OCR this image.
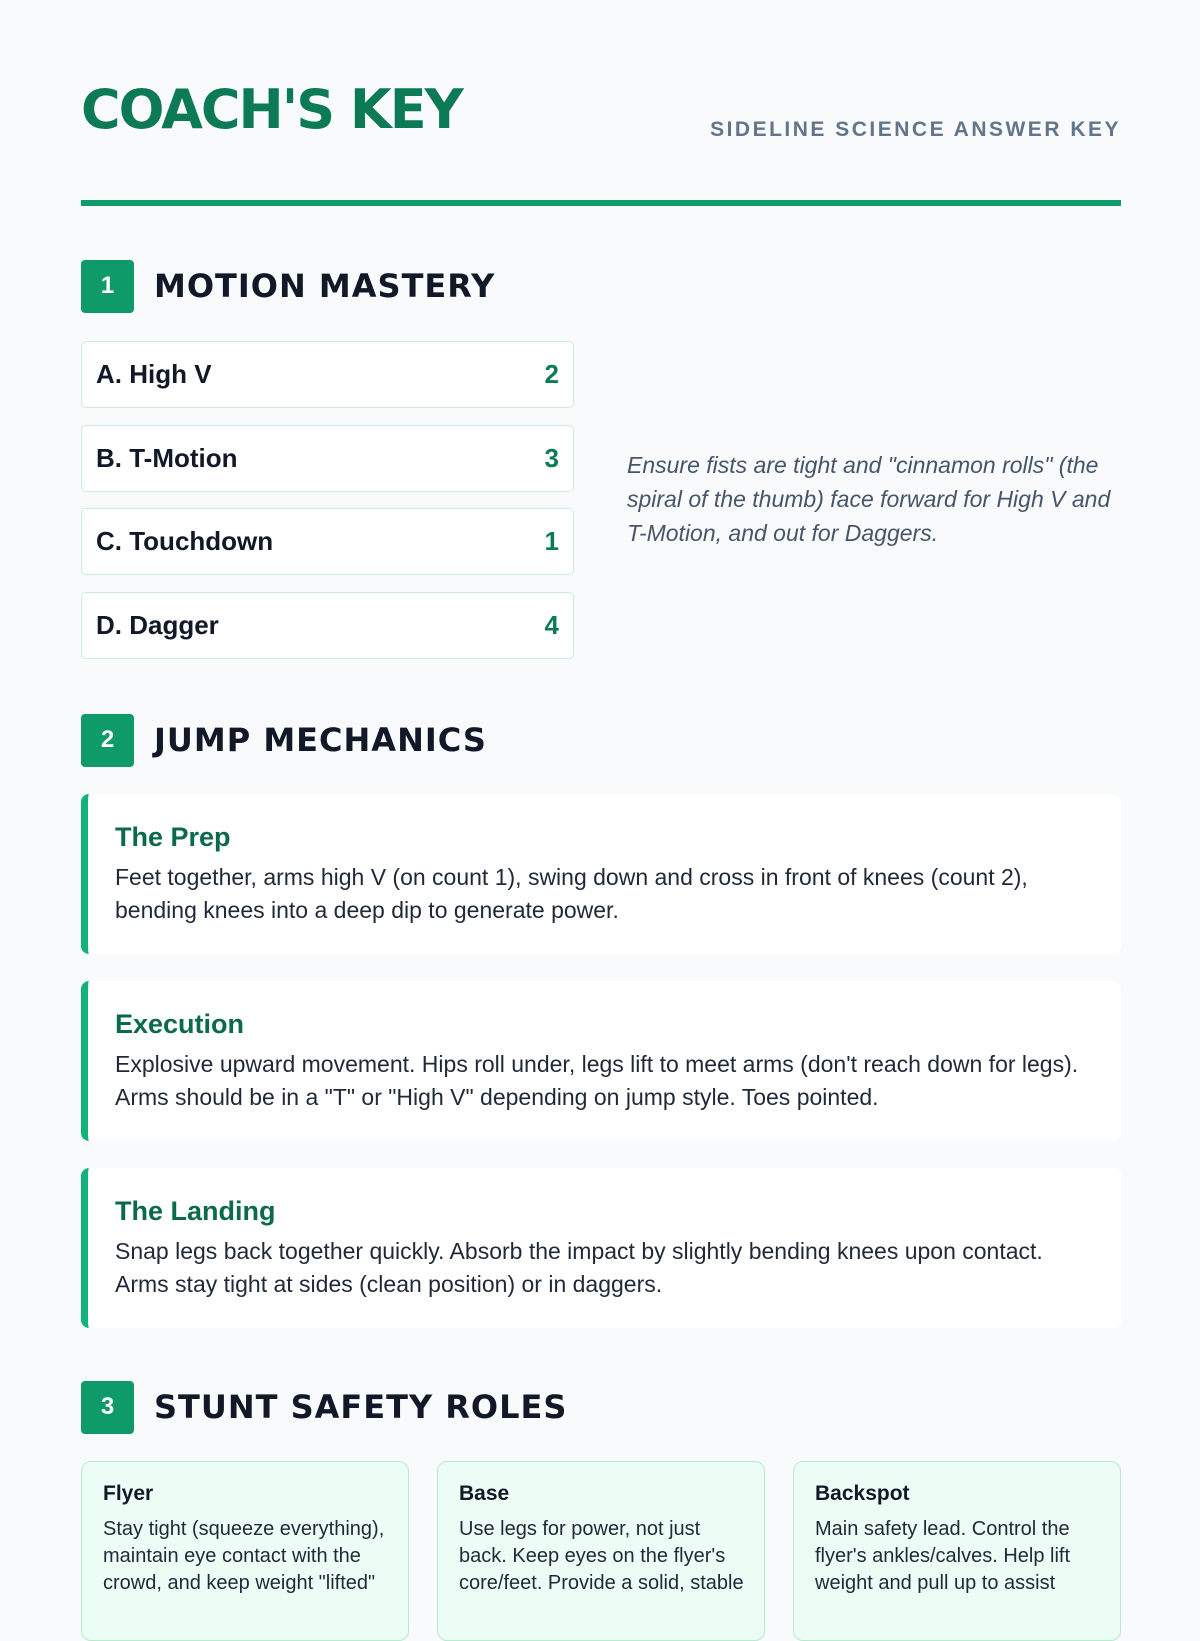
COACH'S KEY	SIDELINE SCIENCE ANSWER KEY
1	MOTION MASTERY
A. High V	2
B. T-Motion	3
C. Touchdown	1
D. Dagger	4
Ensure fists are tight and "cinnamon rolls" (the spiral of the thumb) face forward for High V and T-Motion, and out for Daggers.
2	JUMP MECHANICS
The Prep
Feet together, arms high V (on count 1), swing down and cross in front of knees (count 2), bending knees into a deep dip to generate power.
Execution
Explosive upward movement. Hips roll under, legs lift to meet arms (don't reach down for legs). Arms should be in a "T" or "High V" depending on jump style. Toes pointed.
The Landing
Snap legs back together quickly. Absorb the impact by slightly bending knees upon contact. Arms stay tight at sides (clean position) or in daggers.
3	STUNT SAFETY ROLES
Flyer
Stay tight (squeeze everything), maintain eye contact with the crowd, and keep weight "lifted"
Base
Use legs for power, not just back. Keep eyes on the flyer's core/feet. Provide a solid, stable
Backspot
Main safety lead. Control the flyer's ankles/calves. Help lift weight and pull up to assist
